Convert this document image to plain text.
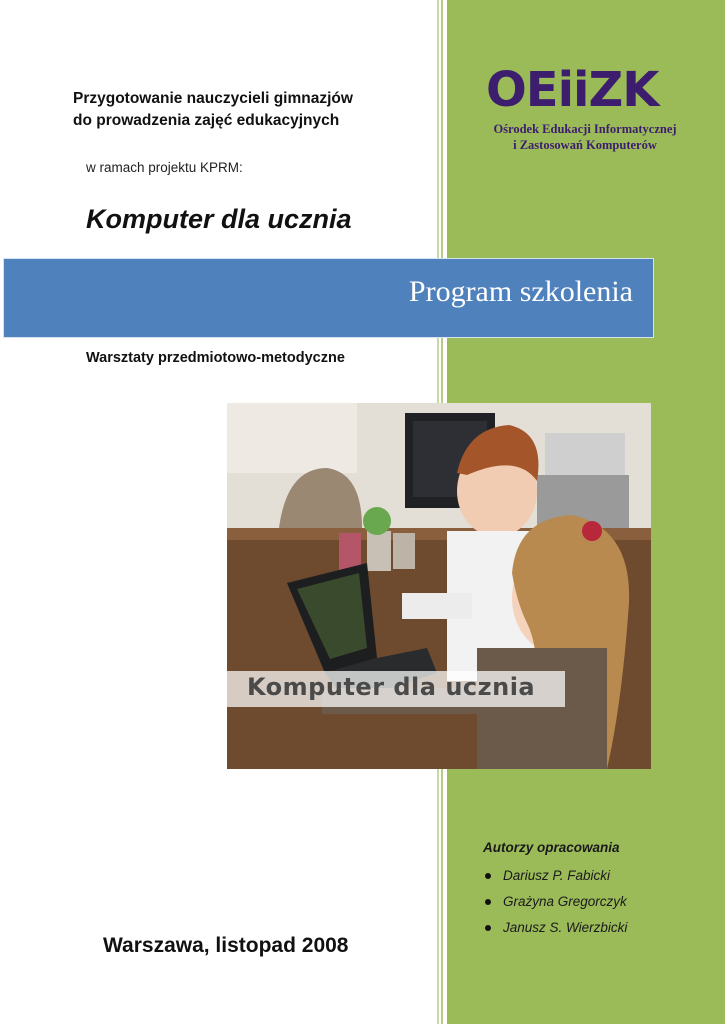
Przygotowanie nauczycieli gimnazjów
do prowadzenia zajęć edukacyjnych
w ramach projektu KPRM:
Komputer dla ucznia
OEiiZK
Ośrodek Edukacji Informatycznej
i Zastosowań Komputerów
Program szkolenia
Warsztaty przedmiotowo-metodyczne
Komputer dla ucznia
Autorzy opracowania
Dariusz P. Fabicki
Grażyna Gregorczyk
Janusz S. Wierzbicki
Warszawa, listopad 2008
